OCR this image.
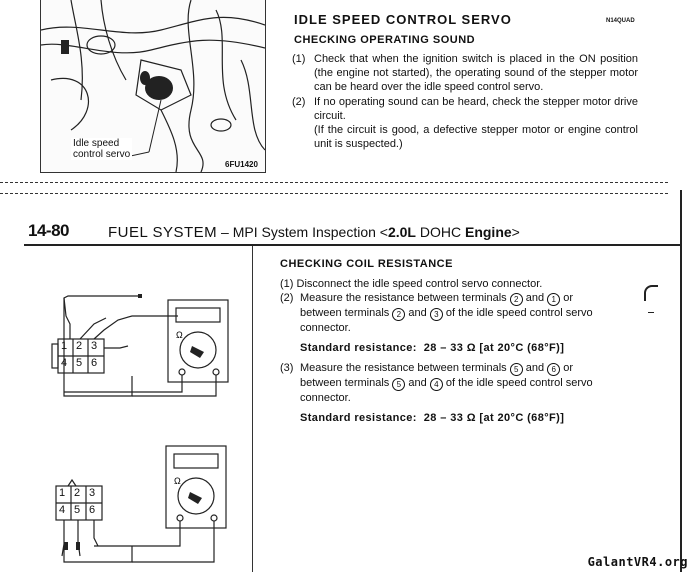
Idle speed
control servo
6FU1420
IDLE SPEED CONTROL SERVO	N14QUAD
CHECKING OPERATING SOUND
(1) Check that when the ignition switch is placed in the ON position (the engine not started), the operating sound of the stepper motor can be heard over the idle speed control servo.
(2) If no operating sound can be heard, check the stepper motor drive circuit.
(If the circuit is good, a defective stepper motor or engine control unit is suspected.)
14-80	FUEL SYSTEM – MPI System Inspection <2.0L DOHC Engine>
Ω
Ω
1 2 3
4 5 6
1 2 3
4 5 6
CHECKING COIL RESISTANCE
(1) Disconnect the idle speed control servo connector.
(2) Measure the resistance between terminals 2 and 1 or
between terminals 2 and 3 of the idle speed control servo
connector.
Standard resistance: 28 – 33 Ω [at 20°C (68°F)]
(3) Measure the resistance between terminals 5 and 6 or
between terminals 5 and 4 of the idle speed control servo
connector.
Standard resistance: 28 – 33 Ω [at 20°C (68°F)]
GalantVR4.org
